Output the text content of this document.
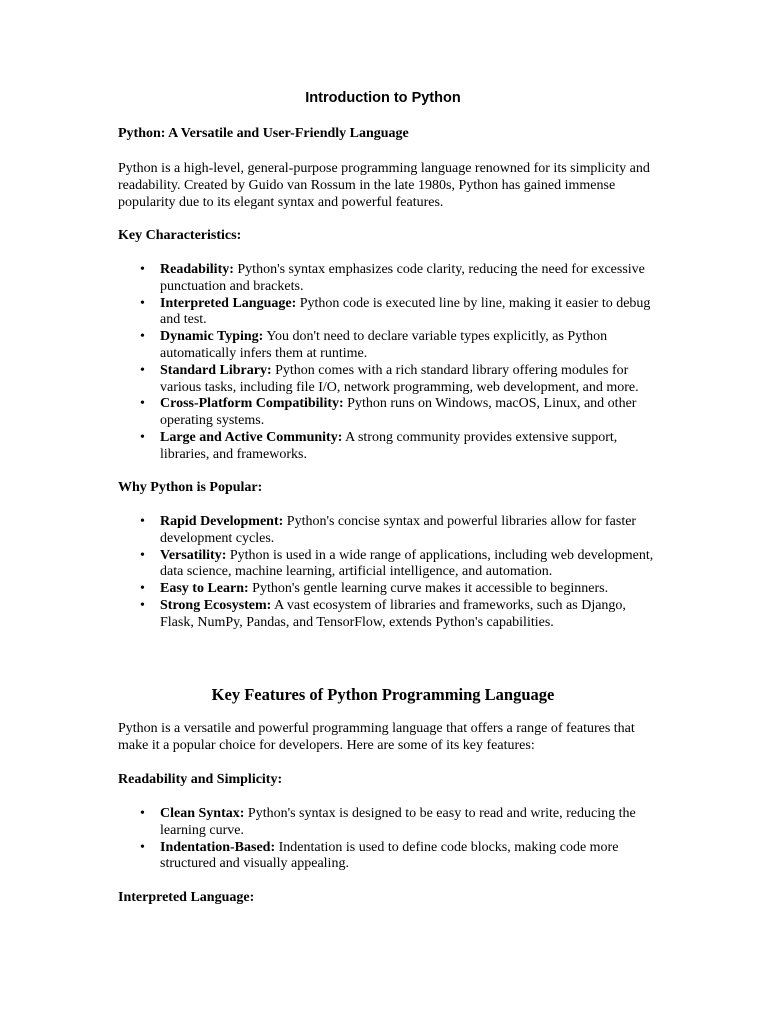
Introduction to Python

Python: A Versatile and User-Friendly Language

Python is a high-level, general-purpose programming language renowned for its simplicity and readability. Created by Guido van Rossum in the late 1980s, Python has gained immense popularity due to its elegant syntax and powerful features.

Key Characteristics:

• Readability: Python's syntax emphasizes code clarity, reducing the need for excessive punctuation and brackets.
• Interpreted Language: Python code is executed line by line, making it easier to debug and test.
• Dynamic Typing: You don't need to declare variable types explicitly, as Python automatically infers them at runtime.
• Standard Library: Python comes with a rich standard library offering modules for various tasks, including file I/O, network programming, web development, and more.
• Cross-Platform Compatibility: Python runs on Windows, macOS, Linux, and other operating systems.
• Large and Active Community: A strong community provides extensive support, libraries, and frameworks.

Why Python is Popular:

• Rapid Development: Python's concise syntax and powerful libraries allow for faster development cycles.
• Versatility: Python is used in a wide range of applications, including web development, data science, machine learning, artificial intelligence, and automation.
• Easy to Learn: Python's gentle learning curve makes it accessible to beginners.
• Strong Ecosystem: A vast ecosystem of libraries and frameworks, such as Django, Flask, NumPy, Pandas, and TensorFlow, extends Python's capabilities.
Key Features of Python Programming Language

Python is a versatile and powerful programming language that offers a range of features that make it a popular choice for developers. Here are some of its key features:

Readability and Simplicity:

• Clean Syntax: Python's syntax is designed to be easy to read and write, reducing the learning curve.
• Indentation-Based: Indentation is used to define code blocks, making code more structured and visually appealing.

Interpreted Language:
